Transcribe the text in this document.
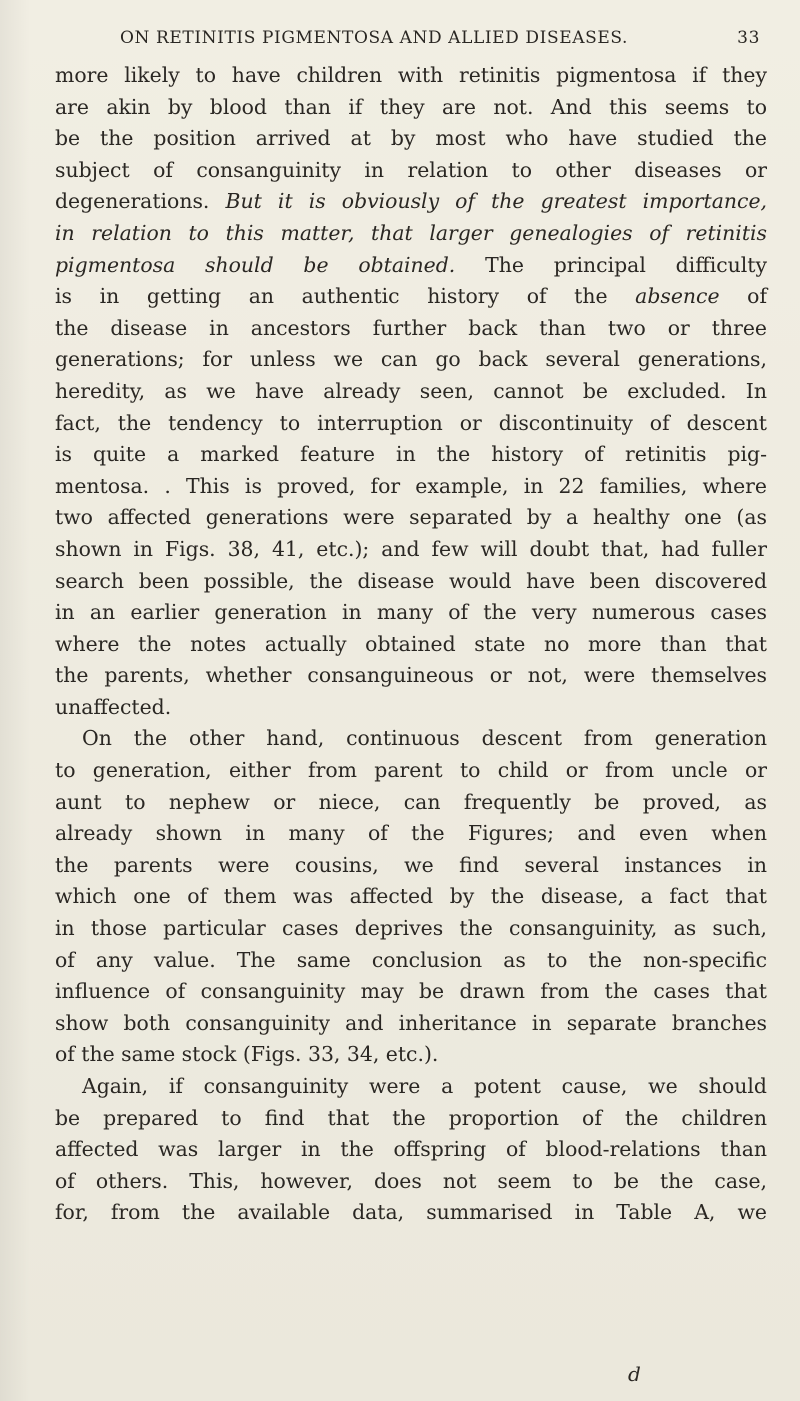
ON RETINITIS PIGMENTOSA AND ALLIED DISEASES.	33
more likely to have children with retinitis pigmentosa if they
are akin by blood than if they are not. And this seems to
be the position arrived at by most who have studied the
subject of consanguinity in relation to other diseases or
degenerations. But it is obviously of the greatest importance,
in relation to this matter, that larger genealogies of retinitis
pigmentosa should be obtained. The principal difficulty
is in getting an authentic history of the absence of
the disease in ancestors further back than two or three
generations; for unless we can go back several generations,
heredity, as we have already seen, cannot be excluded. In
fact, the tendency to interruption or discontinuity of descent
is quite a marked feature in the history of retinitis pig-
mentosa. . This is proved, for example, in 22 families, where
two affected generations were separated by a healthy one (as
shown in Figs. 38, 41, etc.); and few will doubt that, had fuller
search been possible, the disease would have been discovered
in an earlier generation in many of the very numerous cases
where the notes actually obtained state no more than that
the parents, whether consanguineous or not, were themselves
unaffected.
On the other hand, continuous descent from generation
to generation, either from parent to child or from uncle or
aunt to nephew or niece, can frequently be proved, as
already shown in many of the Figures; and even when
the parents were cousins, we find several instances in
which one of them was affected by the disease, a fact that
in those particular cases deprives the consanguinity, as such,
of any value. The same conclusion as to the non-specific
influence of consanguinity may be drawn from the cases that
show both consanguinity and inheritance in separate branches
of the same stock (Figs. 33, 34, etc.).
Again, if consanguinity were a potent cause, we should
be prepared to find that the proportion of the children
affected was larger in the offspring of blood-relations than
of others. This, however, does not seem to be the case,
for, from the available data, summarised in Table A, we
d
